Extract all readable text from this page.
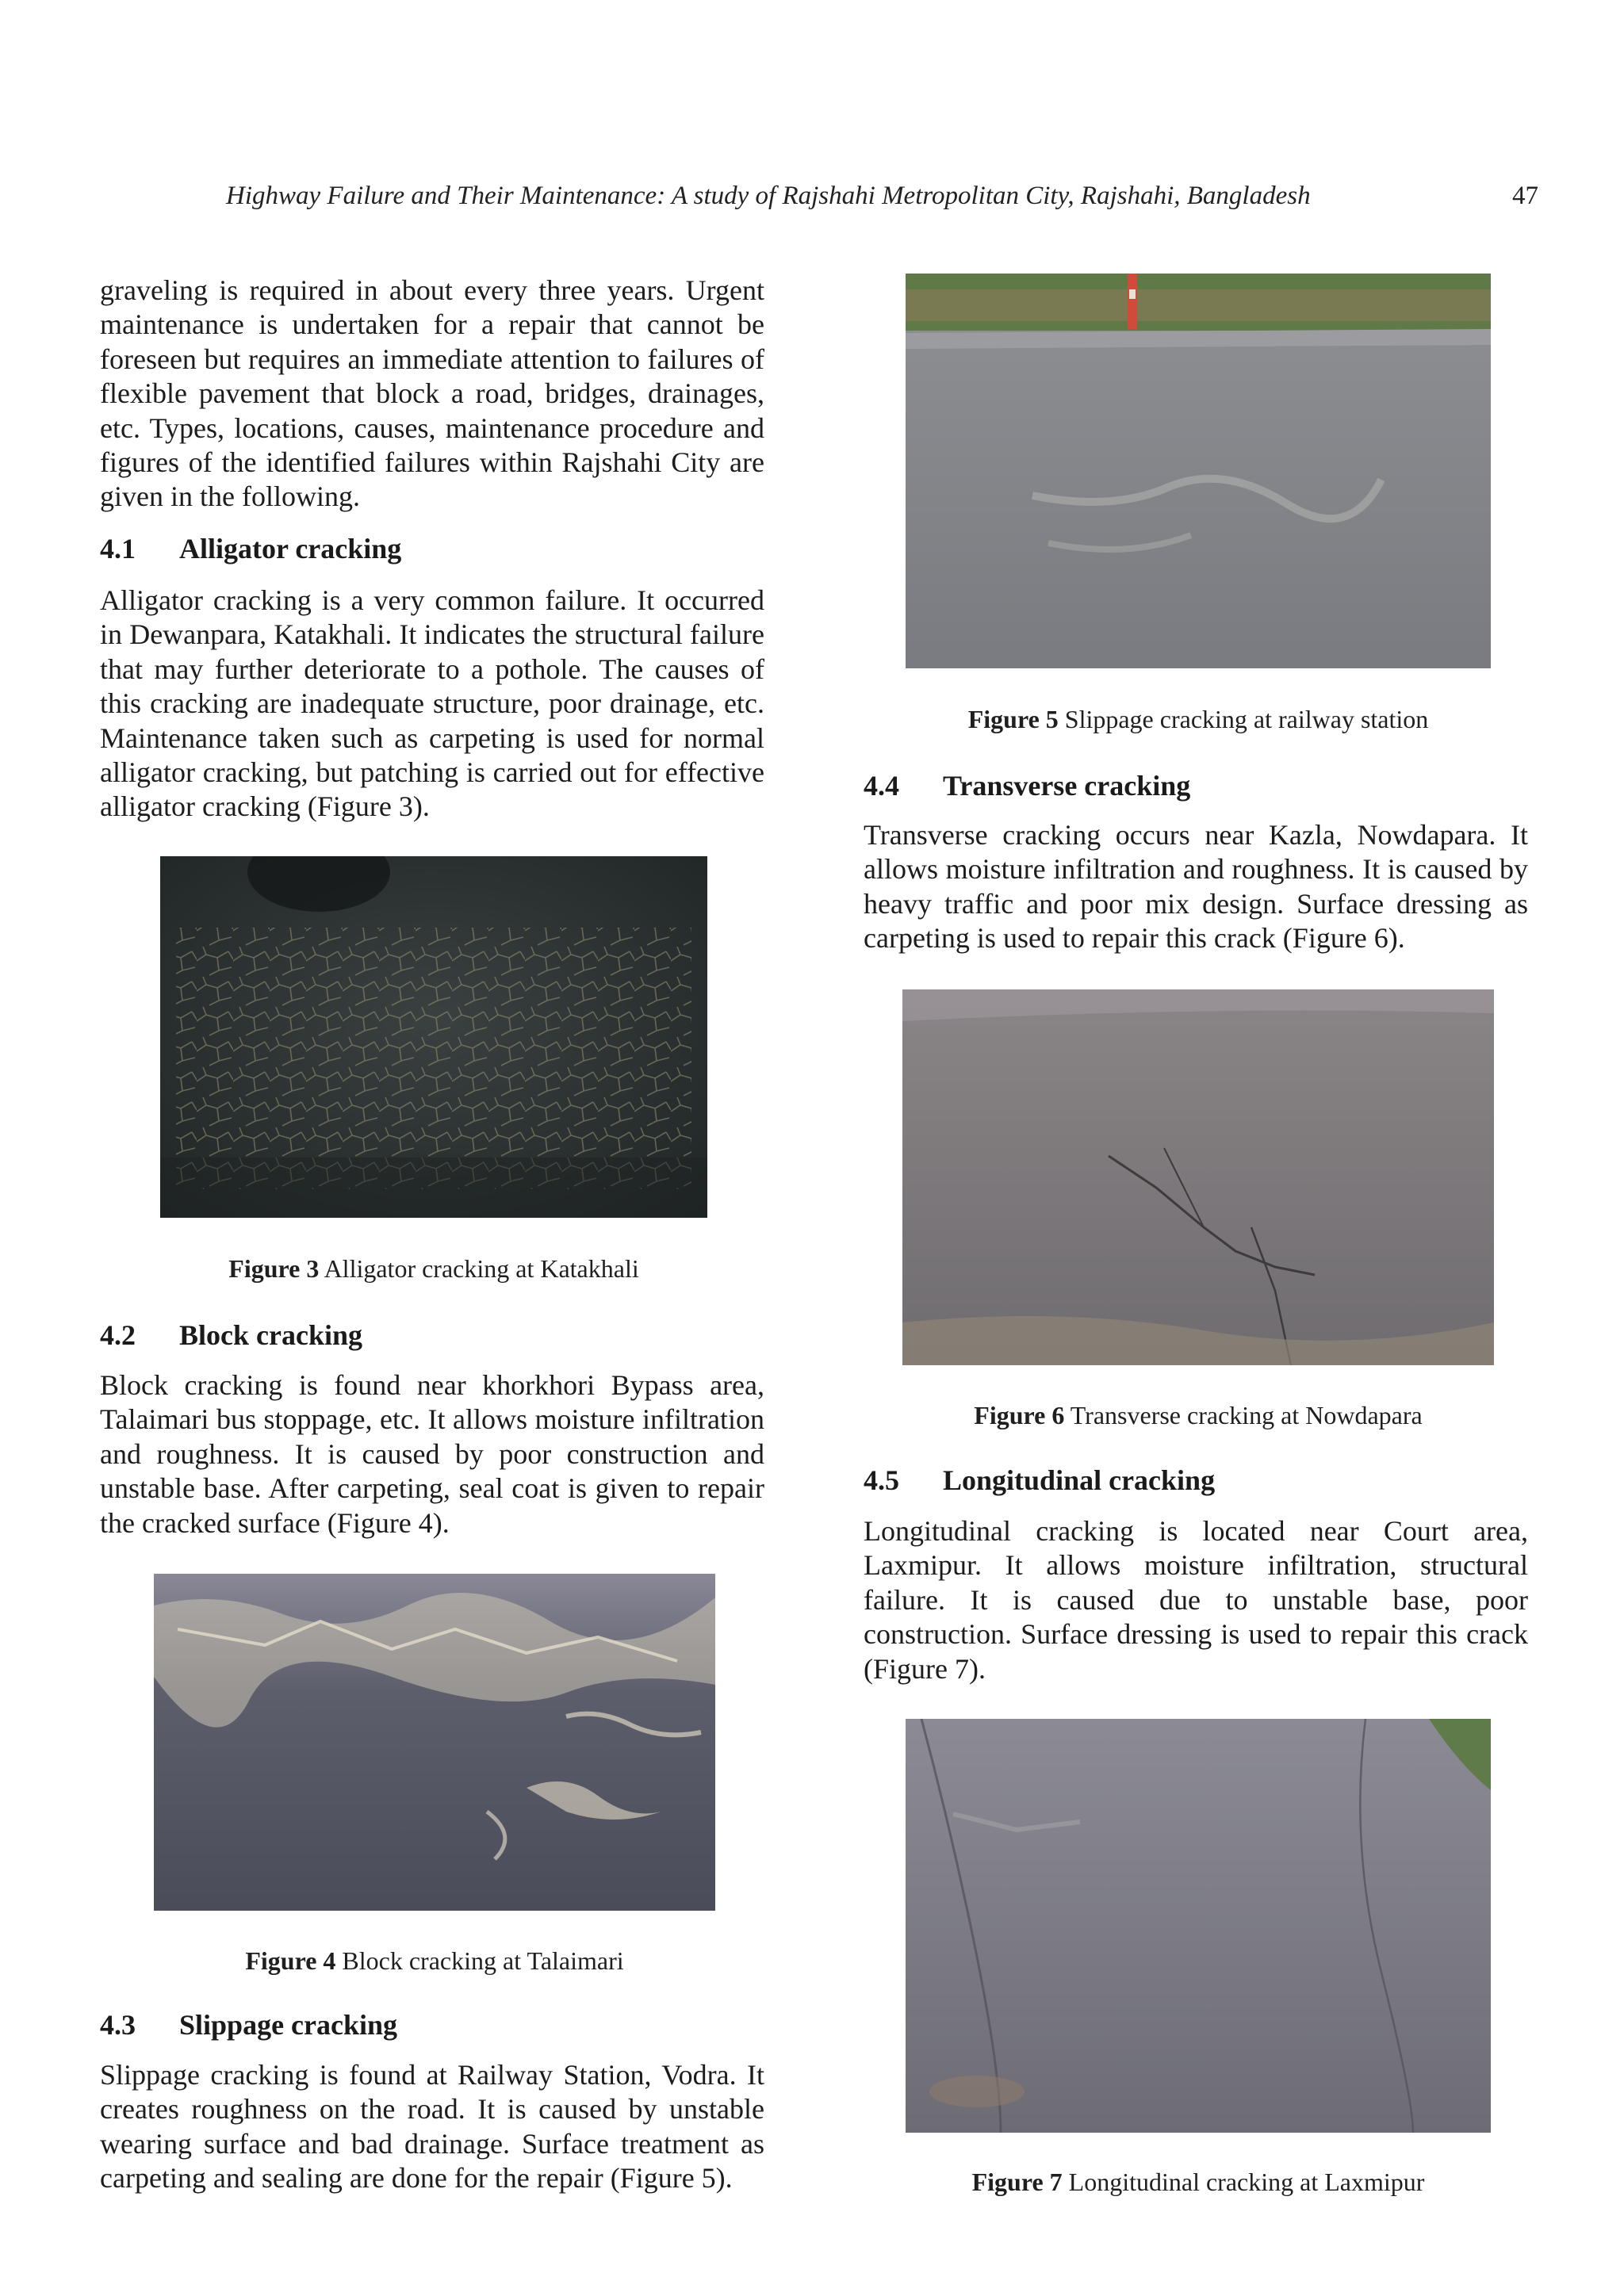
Highway Failure and Their Maintenance: A study of Rajshahi Metropolitan City, Rajshahi, Bangladesh	47

graveling is required in about every three years. Urgent maintenance is undertaken for a repair that cannot be foreseen but requires an immediate attention to failures of flexible pavement that block a road, bridges, drainages, etc. Types, locations, causes, maintenance procedure and figures of the identified failures within Rajshahi City are given in the following.

4.1 Alligator cracking

Alligator cracking is a very common failure. It occurred in Dewanpara, Katakhali. It indicates the structural failure that may further deteriorate to a pothole. The causes of this cracking are inadequate structure, poor drainage, etc. Maintenance taken such as carpeting is used for normal alligator cracking, but patching is carried out for effective alligator cracking (Figure 3).

Figure 3 Alligator cracking at Katakhali
4.2 Block cracking

Block cracking is found near khorkhori Bypass area, Talaimari bus stoppage, etc. It allows moisture infiltration and roughness. It is caused by poor construction and unstable base. After carpeting, seal coat is given to repair the cracked surface (Figure 4).

Figure 4 Block cracking at Talaimari
4.3 Slippage cracking

Slippage cracking is found at Railway Station, Vodra. It creates roughness on the road. It is caused by unstable wearing surface and bad drainage. Surface treatment as carpeting and sealing are done for the repair (Figure 5).

Figure 5 Slippage cracking at railway station
4.4 Transverse cracking

Transverse cracking occurs near Kazla, Nowdapara. It allows moisture infiltration and roughness. It is caused by heavy traffic and poor mix design. Surface dressing as carpeting is used to repair this crack (Figure 6).

Figure 6 Transverse cracking at Nowdapara
4.5 Longitudinal cracking

Longitudinal cracking is located near Court area, Laxmipur. It allows moisture infiltration, structural failure. It is caused due to unstable base, poor construction. Surface dressing is used to repair this crack (Figure 7).

Figure 7 Longitudinal cracking at Laxmipur
